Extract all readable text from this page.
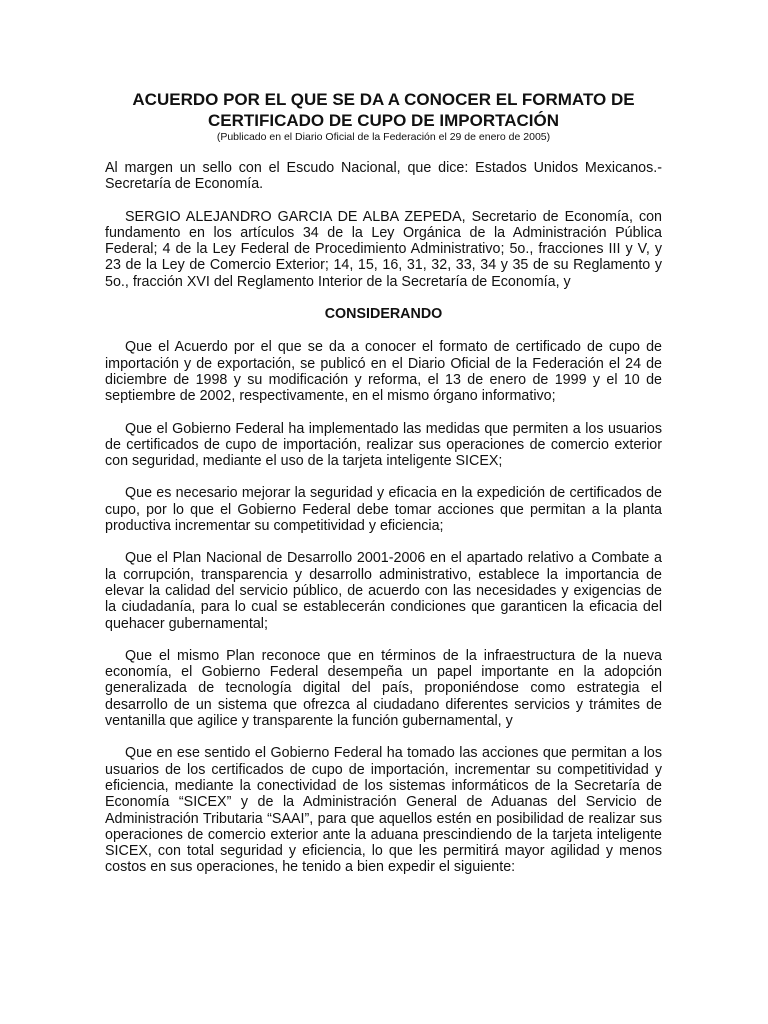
ACUERDO POR EL QUE SE DA A CONOCER EL FORMATO DE
CERTIFICADO DE CUPO DE IMPORTACIÓN
(Publicado en el Diario Oficial de la Federación el 29 de enero de 2005)

Al margen un sello con el Escudo Nacional, que dice: Estados Unidos Mexicanos.- Secretaría de Economía.

SERGIO ALEJANDRO GARCIA DE ALBA ZEPEDA, Secretario de Economía, con fundamento en los artículos 34 de la Ley Orgánica de la Administración Pública Federal; 4 de la Ley Federal de Procedimiento Administrativo; 5o., fracciones III y V, y 23 de la Ley de Comercio Exterior; 14, 15, 16, 31, 32, 33, 34 y 35 de su Reglamento y 5o., fracción XVI del Reglamento Interior de la Secretaría de Economía, y

CONSIDERANDO

Que el Acuerdo por el que se da a conocer el formato de certificado de cupo de importación y de exportación, se publicó en el Diario Oficial de la Federación el 24 de diciembre de 1998 y su modificación y reforma, el 13 de enero de 1999 y el 10 de septiembre de 2002, respectivamente, en el mismo órgano informativo;

Que el Gobierno Federal ha implementado las medidas que permiten a los usuarios de certificados de cupo de importación, realizar sus operaciones de comercio exterior con seguridad, mediante el uso de la tarjeta inteligente SICEX;

Que es necesario mejorar la seguridad y eficacia en la expedición de certificados de cupo, por lo que el Gobierno Federal debe tomar acciones que permitan a la planta productiva incrementar su competitividad y eficiencia;

Que el Plan Nacional de Desarrollo 2001-2006 en el apartado relativo a Combate a la corrupción, transparencia y desarrollo administrativo, establece la importancia de elevar la calidad del servicio público, de acuerdo con las necesidades y exigencias de la ciudadanía, para lo cual se establecerán condiciones que garanticen la eficacia del quehacer gubernamental;

Que el mismo Plan reconoce que en términos de la infraestructura de la nueva economía, el Gobierno Federal desempeña un papel importante en la adopción generalizada de tecnología digital del país, proponiéndose como estrategia el desarrollo de un sistema que ofrezca al ciudadano diferentes servicios y trámites de ventanilla que agilice y transparente la función gubernamental, y

Que en ese sentido el Gobierno Federal ha tomado las acciones que permitan a los usuarios de los certificados de cupo de importación, incrementar su competitividad y eficiencia, mediante la conectividad de los sistemas informáticos de la Secretaría de Economía “SICEX” y de la Administración General de Aduanas del Servicio de Administración Tributaria “SAAI”, para que aquellos estén en posibilidad de realizar sus operaciones de comercio exterior ante la aduana prescindiendo de la tarjeta inteligente SICEX, con total seguridad y eficiencia, lo que les permitirá mayor agilidad y menos costos en sus operaciones, he tenido a bien expedir el siguiente:
